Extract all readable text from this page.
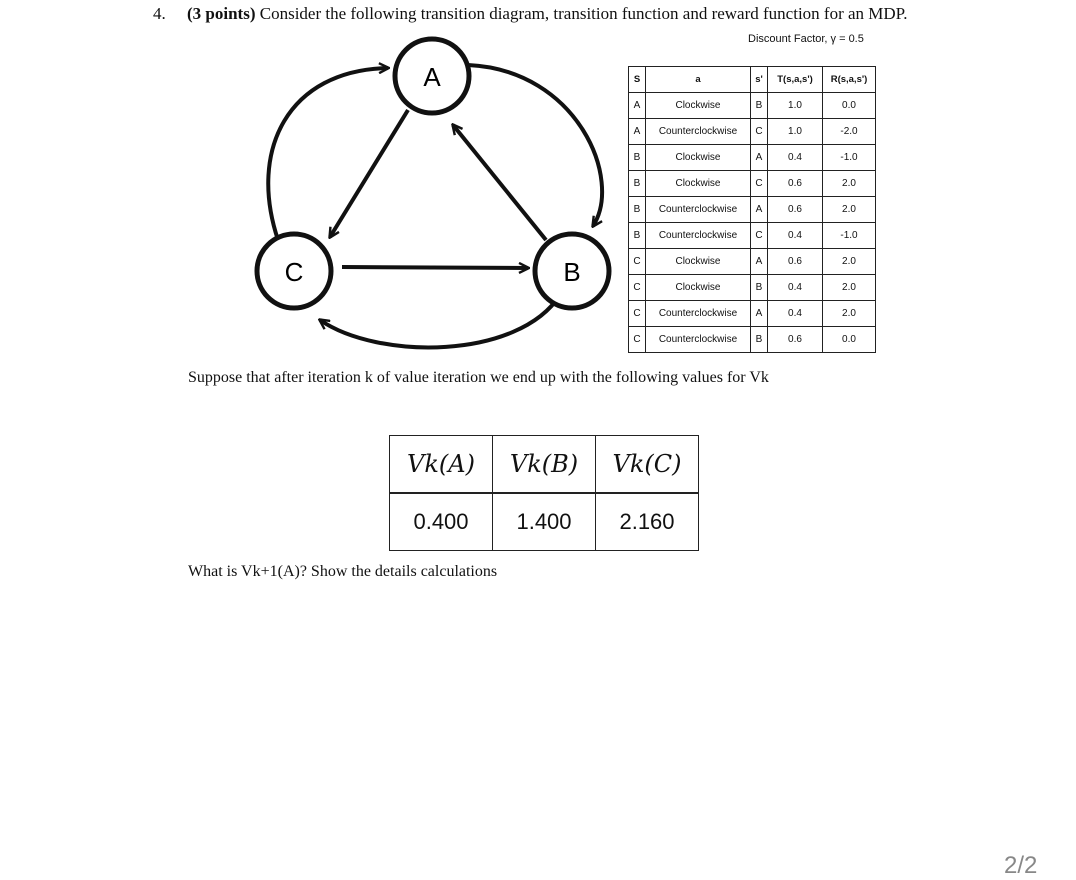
4. (3 points) Consider the following transition diagram, transition function and reward function for an MDP.
Discount Factor, γ = 0.5
A
B
C
S	a	s'	T(s,a,s')	R(s,a,s')
A	Clockwise	B	1.0	0.0
A	Counterclockwise	C	1.0	-2.0
B	Clockwise	A	0.4	-1.0
B	Clockwise	C	0.6	2.0
B	Counterclockwise	A	0.6	2.0
B	Counterclockwise	C	0.4	-1.0
C	Clockwise	A	0.6	2.0
C	Clockwise	B	0.4	2.0
C	Counterclockwise	A	0.4	2.0
C	Counterclockwise	B	0.6	0.0
Suppose that after iteration k of value iteration we end up with the following values for Vk
Vk(A)	Vk(B)	Vk(C)
0.400	1.400	2.160
What is Vk+1(A)? Show the details calculations
2/2
